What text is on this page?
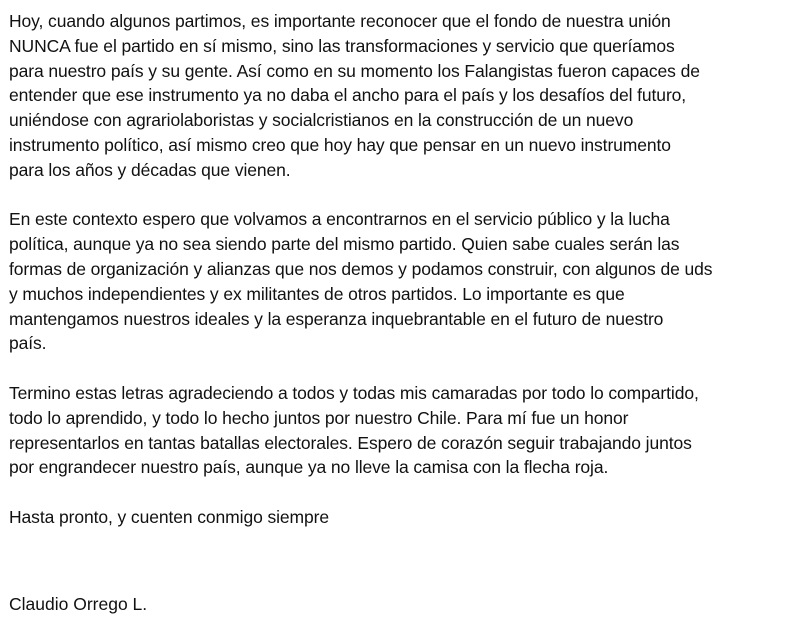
Hoy, cuando algunos partimos, es importante reconocer que el fondo de nuestra unión
NUNCA fue el partido en sí mismo, sino las transformaciones y servicio que queríamos
para nuestro país y su gente. Así como en su momento los Falangistas fueron capaces de
entender que ese instrumento ya no daba el ancho para el país y los desafíos del futuro,
uniéndose con agrariolaboristas y socialcristianos en la construcción de un nuevo
instrumento político, así mismo creo que hoy hay que pensar en un nuevo instrumento
para los años y décadas que vienen.

En este contexto espero que volvamos a encontrarnos en el servicio público y la lucha
política, aunque ya no sea siendo parte del mismo partido. Quien sabe cuales serán las
formas de organización y alianzas que nos demos y podamos construir, con algunos de uds
y muchos independientes y ex militantes de otros partidos. Lo importante es que
mantengamos nuestros ideales y la esperanza inquebrantable en el futuro de nuestro
país.

Termino estas letras agradeciendo a todos y todas mis camaradas por todo lo compartido,
todo lo aprendido, y todo lo hecho juntos por nuestro Chile. Para mí fue un honor
representarlos en tantas batallas electorales. Espero de corazón seguir trabajando juntos
por engrandecer nuestro país, aunque ya no lleve la camisa con la flecha roja.

Hasta pronto, y cuenten conmigo siempre

Claudio Orrego L.
